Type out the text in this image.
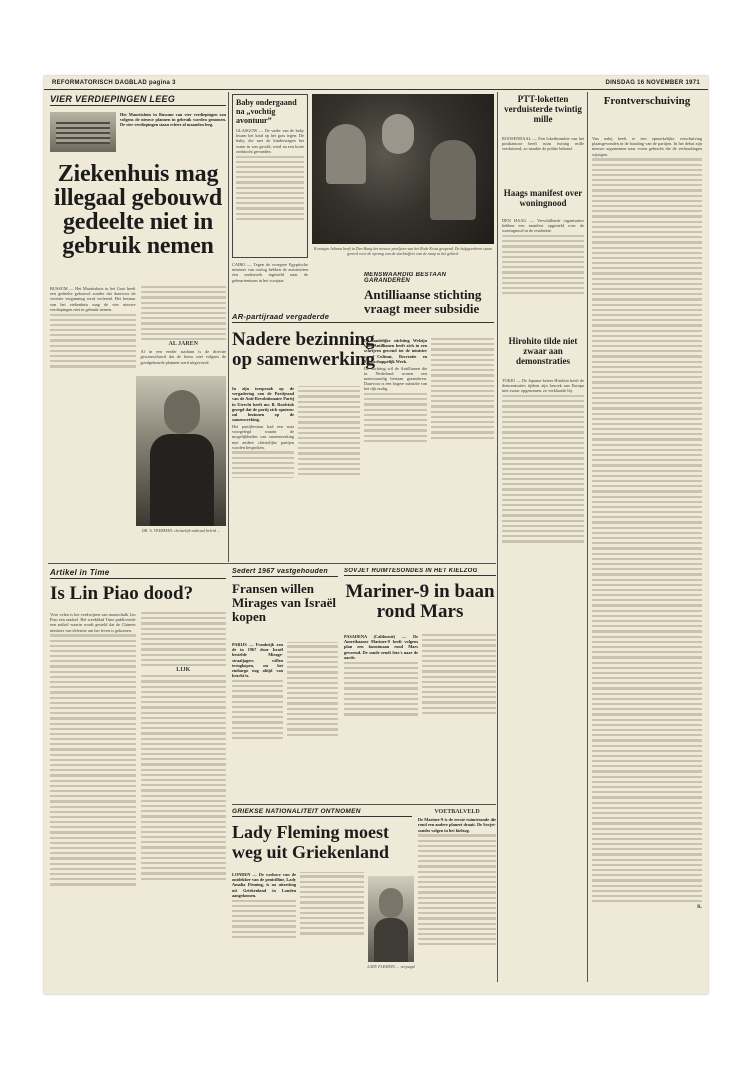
REFORMATORISCH DAGBLAD pagina 3	DINSDAG 16 NOVEMBER 1971
VIER VERDIEPINGEN LEEG

Het Mauritshuis in Bussum van vier verdiepingen zou volgens de nieuwe plannen in gebruik worden genomen. De vier verdiepingen staan echter al maanden leeg.

Ziekenhuis mag illegaal gebouwd gedeelte niet in gebruik nemen

BUSSUM — Het Mauritshuis in het Gooi heeft een gedeelte gebouwd zonder dat daarvoor de vereiste vergunning werd verleend. Het bestuur van het ziekenhuis mag de vier nieuwe verdiepingen niet in gebruik nemen.

AL JAREN

Al in een eerder stadium is de directie gewaarschuwd dat de bouw niet volgens de goedgekeurde plannen werd uitgevoerd.

Baby ondergaand na „vochtig avontuur”

GLASGOW — De vader van de baby kwam het kind op het gras tegen. De baby, die met de kinderwagen het water in was gerold, werd na een korte zoektocht gevonden.

CAIRO — Tegen de vroegere Egyptische minister van oorlog hebben de autoriteiten een onderzoek ingesteld naar de gebeurtenissen in het voorjaar.

Koningin Juliana heeft in Den Haag het nieuwe paviljoen van het Rode Kruis geopend. De hulpgoederen staan gereed voor de opvang van de slachtoffers van de ramp in het gebied.
AR-partijraad vergaderde
Nadere bezinning op samenwerking
DR. A. VEERMAN: christelijk-radicaal beleid ...

In zijn toespraak op de vergadering van de Partijraad van de Anti-Revolutionaire Partij in Utrecht heeft mr. B. Roolvink gezegd dat de partij zich opnieuw zal bezinnen op de samenwerking.

Het partijbestuur had een nota voorgelegd waarin de mogelijkheden van samenwerking met andere christelijke partijen worden besproken.

MENSWAARDIG BESTAAN GARANDEREN
Antilliaanse stichting vraagt meer subsidie

De landelijke stichting Welzijn voor Antillianen heeft zich in een schrijven gewend tot de minister van Cultuur, Recreatie en Maatschappelijk Werk.

De stichting wil de Antillianen die in Nederland wonen een menswaardig bestaan garanderen. Daarvoor is een hogere subsidie van het rijk nodig.

PTT-loketten verduisterde twintig mille

ROOSENDAAL — Een loketbeambte van het postkantoor heeft ruim twintig mille verduisterd, zo maakte de politie bekend.

Haags manifest over woningnood

DEN HAAG — Verschillende organisaties hebben een manifest opgesteld over de woningnood in de residentie.

Hirohito tilde niet zwaar aan demonstraties

TOKIO — De Japanse keizer Hirohito heeft de demonstraties tijdens zijn bezoek aan Europa niet zwaar opgenomen, zo verklaarde hij.

Frontverschuiving

Van nabij heeft er een opmerkelijke verschuiving plaatsgevonden in de houding van de partijen. In het debat zijn nieuwe argumenten naar voren gebracht die de verhoudingen wijzigen.

R.
Artikel in Time
Is Lin Piao dood?

Voor velen is het verdwijnen van maarschalk Lin Piao een raadsel. Het weekblad Time publiceerde een artikel waarin wordt gesteld dat de Chinese minister van defensie om het leven is gekomen.

LIJK
Sedert 1967 vastgehouden
Fransen willen Mirages van Israël kopen

PARIJS — Frankrijk zou de in 1967 door Israël bestelde Mirage-straaljagers willen terugkopen, nu het embargo nog altijd van kracht is.

SOVJET RUIMTESONDES IN HET KIELZOG
Mariner-9 in baan rond Mars

PASADENA (Californië) — De Amerikaanse Mariner-9 heeft volgens plan een kunstmaan rond Mars gevormd. De sonde zendt foto's naar de aarde.

VOETBALVELD

De Mariner-9 is de eerste ruimtesonde die rond een andere planeet draait. De Sovjet-sondes volgen in het kielzog.

GRIEKSE NATIONALITEIT ONTNOMEN
Lady Fleming moest weg uit Griekenland

LONDEN — De weduwe van de ontdekker van de penicilline, Lady Amalia Fleming, is na uitzetting uit Griekenland in Londen aangekomen.

LADY FLEMING ... verjaagd
